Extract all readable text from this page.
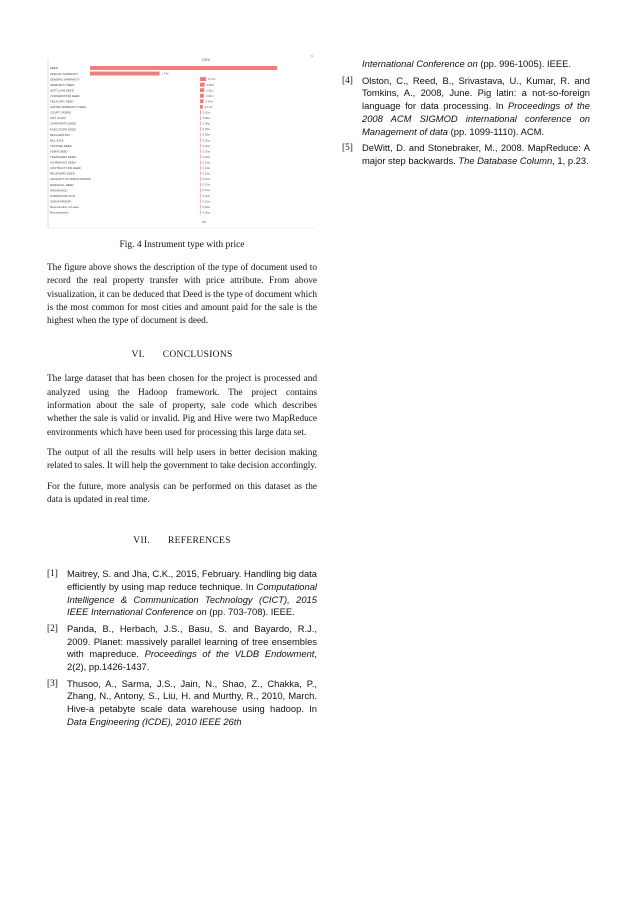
100%
%
DEED
SPECIAL WARRANTY	1.74m
GENERAL WARRANTY	0.71m
WARRANTY DEED	0.56m
QUITCLAIM DEED	0.51m
CONSERVATOR DEED	0.46m
FIDUCIARY DEED	0.42m
LIMITED WARRANTY DEED	0.17m
COURT ORDER	0.10m
GIFT CLAIM	0.08m
CORPORATE DEED	0.06m
EXECUTORS DEED	0.04m
DECLARATION	0.03m
BILL SALE	0.02m
TRUSTEE DEED	0.02m
ADMIN DEED	0.02m
TREASURER DEED	0.02m
GUARDIAN'S DEED	0.02m
CONTRACT FOR DEED	0.01m
RECEIVERS DEED	0.01m
AFFIDAVIT OF SURVIVORSHIP	0.01m
MARSHALL DEED	0.01m
ORDINANCE	0.01m
SUBDIVISION PLAT	0.01m
SURVIVORSHIP	0.01m
Memorandum of Lease	0.00m
Reconveyance	0.00m
0%

Fig. 4 Instrument type with price

The figure above shows the description of the type of document used to record the real property transfer with price attribute. From above visualization, it can be deduced that Deed is the type of document which is the most common for most cities and amount paid for the sale is the highest when the type of document is deed.

VI. CONCLUSIONS

The large dataset that has been chosen for the project is processed and analyzed using the Hadoop framework. The project contains information about the sale of property, sale code which describes whether the sale is valid or invalid. Pig and Hive were two MapReduce environments which have been used for processing this large data set.

The output of all the results will help users in better decision making related to sales. It will help the government to take decision accordingly.

For the future, more analysis can be performed on this dataset as the data is updated in real time.

VII. REFERENCES
[1] Maitrey, S. and Jha, C.K., 2015, February. Handling big data efficiently by using map reduce technique. In Computational Intelligence & Communication Technology (CICT), 2015 IEEE International Conference on (pp. 703-708). IEEE.
[2] Panda, B., Herbach, J.S., Basu, S. and Bayardo, R.J., 2009. Planet: massively parallel learning of tree ensembles with mapreduce. Proceedings of the VLDB Endowment, 2(2), pp.1426-1437.
[3] Thusoo, A., Sarma, J.S., Jain, N., Shao, Z., Chakka, P., Zhang, N., Antony, S., Liu, H. and Murthy, R., 2010, March. Hive-a petabyte scale data warehouse using hadoop. In Data Engineering (ICDE), 2010 IEEE 26th
International Conference on (pp. 996-1005). IEEE.
[4] Olston, C., Reed, B., Srivastava, U., Kumar, R. and Tomkins, A., 2008, June. Pig latin: a not-so-foreign language for data processing. In Proceedings of the 2008 ACM SIGMOD international conference on Management of data (pp. 1099-1110). ACM.
[5] DeWitt, D. and Stonebraker, M., 2008. MapReduce: A major step backwards. The Database Column, 1, p.23.
